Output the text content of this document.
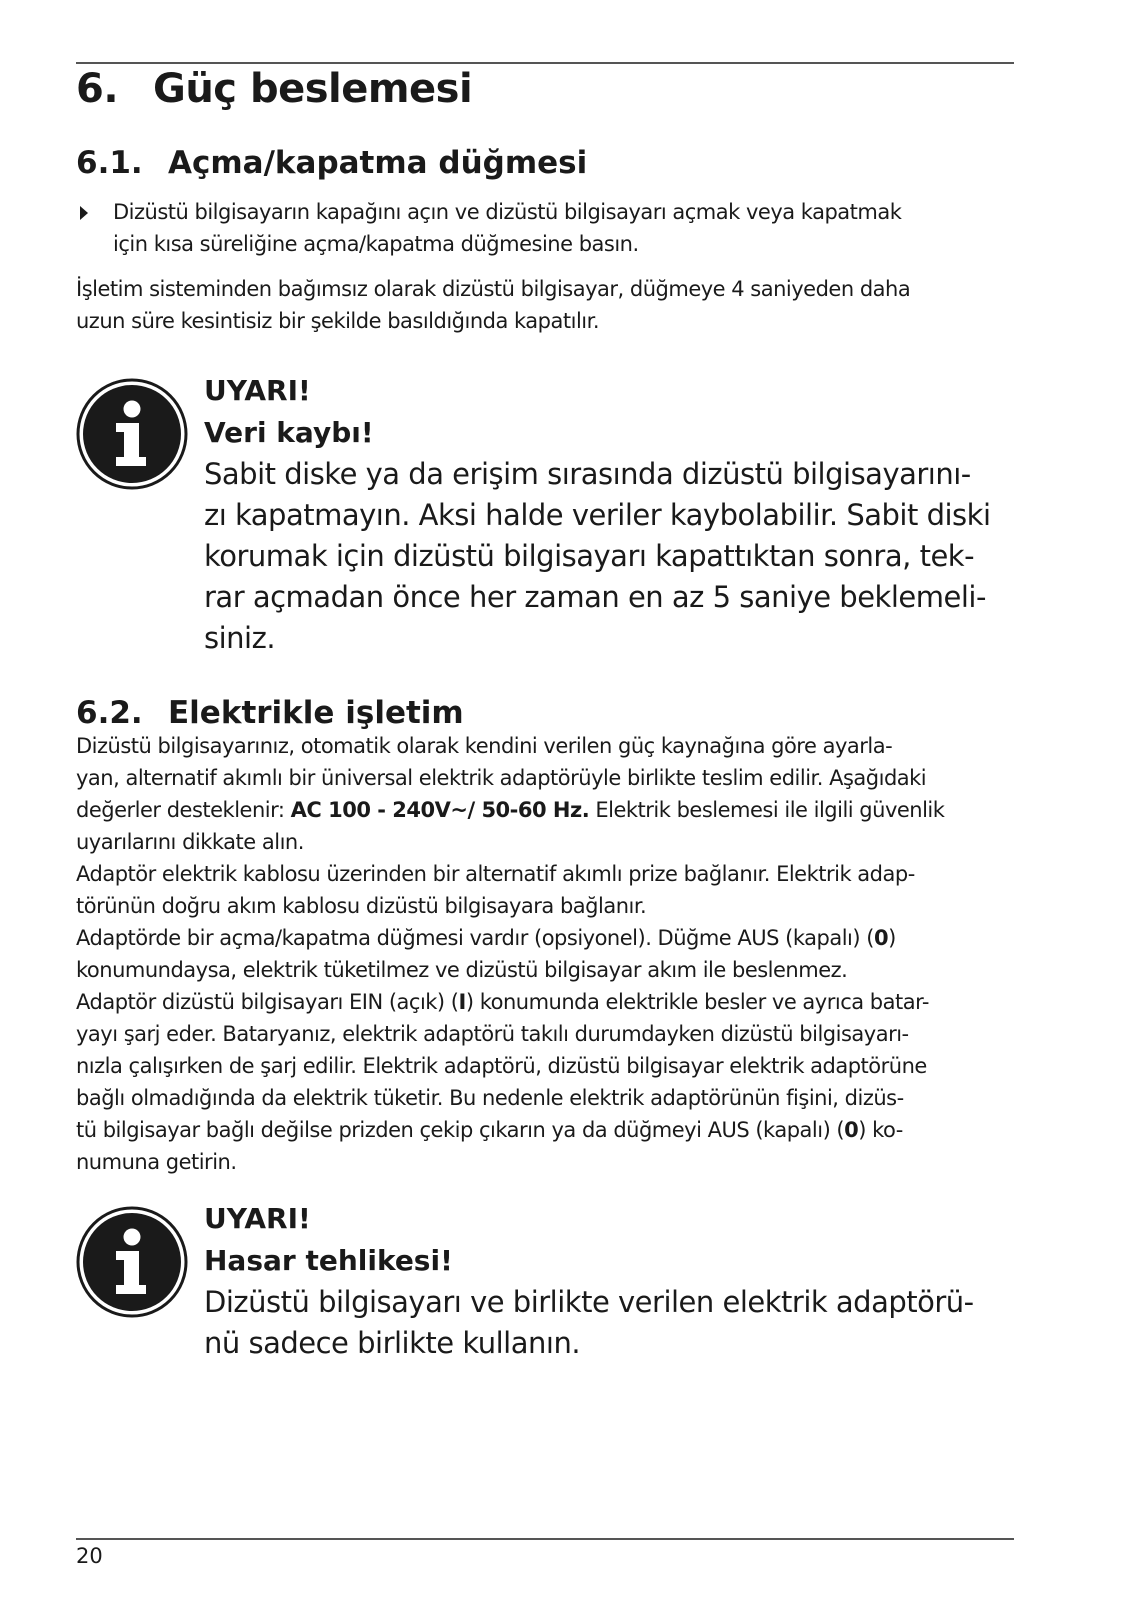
6. Güç beslemesi
6.1. Açma/kapatma düğmesi
Dizüstü bilgisayarın kapağını açın ve dizüstü bilgisayarı açmak veya kapatmak
için kısa süreliğine açma/kapatma düğmesine basın.
İşletim sisteminden bağımsız olarak dizüstü bilgisayar, düğmeye 4 saniyeden daha
uzun süre kesintisiz bir şekilde basıldığında kapatılır.
UYARI!
Veri kaybı!
Sabit diske ya da erişim sırasında dizüstü bilgisayarını-
zı kapatmayın. Aksi halde veriler kaybolabilir. Sabit diski
korumak için dizüstü bilgisayarı kapattıktan sonra, tek-
rar açmadan önce her zaman en az 5 saniye beklemeli-
siniz.
6.2. Elektrikle işletim
Dizüstü bilgisayarınız, otomatik olarak kendini verilen güç kaynağına göre ayarla-
yan, alternatif akımlı bir üniversal elektrik adaptörüyle birlikte teslim edilir. Aşağıdaki
değerler desteklenir: AC 100 - 240V~/ 50-60 Hz. Elektrik beslemesi ile ilgili güvenlik
uyarılarını dikkate alın.
Adaptör elektrik kablosu üzerinden bir alternatif akımlı prize bağlanır. Elektrik adap-
törünün doğru akım kablosu dizüstü bilgisayara bağlanır.
Adaptörde bir açma/kapatma düğmesi vardır (opsiyonel). Düğme AUS (kapalı) (0)
konumundaysa, elektrik tüketilmez ve dizüstü bilgisayar akım ile beslenmez.
Adaptör dizüstü bilgisayarı EIN (açık) (I) konumunda elektrikle besler ve ayrıca batar-
yayı şarj eder. Bataryanız, elektrik adaptörü takılı durumdayken dizüstü bilgisayarı-
nızla çalışırken de şarj edilir. Elektrik adaptörü, dizüstü bilgisayar elektrik adaptörüne
bağlı olmadığında da elektrik tüketir. Bu nedenle elektrik adaptörünün fişini, dizüs-
tü bilgisayar bağlı değilse prizden çekip çıkarın ya da düğmeyi AUS (kapalı) (0) ko-
numuna getirin.
UYARI!
Hasar tehlikesi!
Dizüstü bilgisayarı ve birlikte verilen elektrik adaptörü-
nü sadece birlikte kullanın.
20
